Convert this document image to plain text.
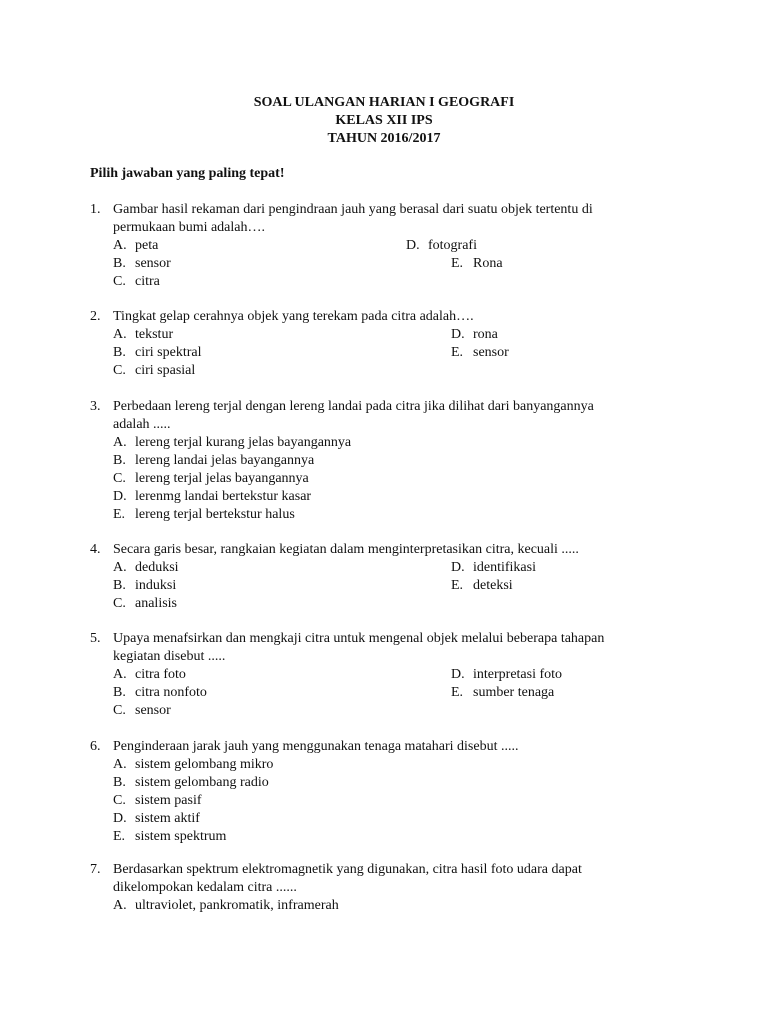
SOAL ULANGAN HARIAN I GEOGRAFI
KELAS XII IPS
TAHUN 2016/2017
Pilih jawaban yang paling tepat!
1. Gambar hasil rekaman dari pengindraan jauh yang berasal dari suatu objek tertentu di
permukaan bumi adalah….
A. peta	D. fotografi
B. sensor	E. Rona
C. citra
2. Tingkat gelap cerahnya objek yang terekam pada citra adalah….
A. tekstur	D. rona
B. ciri spektral	E. sensor
C. ciri spasial
3. Perbedaan lereng terjal dengan lereng landai pada citra jika dilihat dari banyangannya
adalah .....
A. lereng terjal kurang jelas bayangannya
B. lereng landai jelas bayangannya
C. lereng terjal jelas bayangannya
D. lerenmg landai bertekstur kasar
E. lereng terjal bertekstur halus
4. Secara garis besar, rangkaian kegiatan dalam menginterpretasikan citra, kecuali .....
A. deduksi	D. identifikasi
B. induksi	E. deteksi
C. analisis
5. Upaya menafsirkan dan mengkaji citra untuk mengenal objek melalui beberapa tahapan
kegiatan disebut .....
A. citra foto	D. interpretasi foto
B. citra nonfoto	E. sumber tenaga
C. sensor
6. Penginderaan jarak jauh yang menggunakan tenaga matahari disebut .....
A. sistem gelombang mikro
B. sistem gelombang radio
C. sistem pasif
D. sistem aktif
E. sistem spektrum
7. Berdasarkan spektrum elektromagnetik yang digunakan, citra hasil foto udara dapat
dikelompokan kedalam citra ......
A. ultraviolet, pankromatik, inframerah
